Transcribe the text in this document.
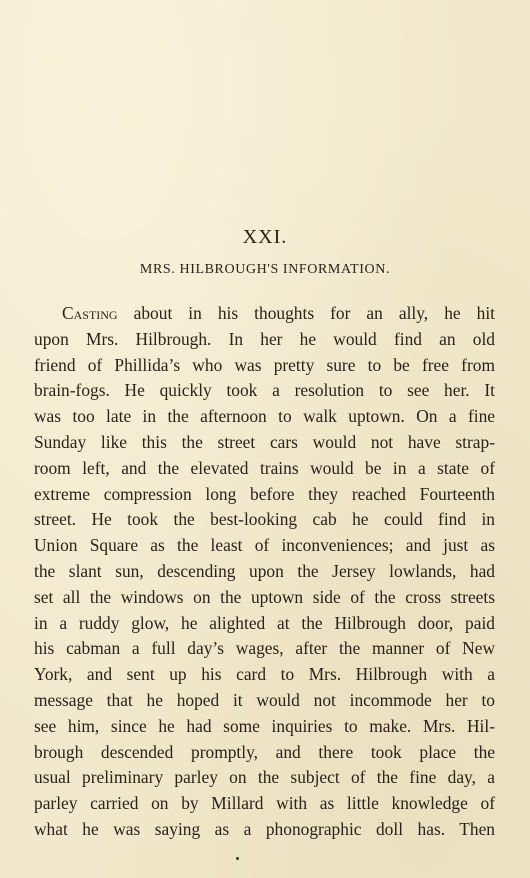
XXI.
MRS. HILBROUGH'S INFORMATION.
Casting about in his thoughts for an ally, he hit
upon Mrs. Hilbrough. In her he would find an old
friend of Phillida’s who was pretty sure to be free from
brain-fogs. He quickly took a resolution to see her. It
was too late in the afternoon to walk uptown. On a fine
Sunday like this the street cars would not have strap-
room left, and the elevated trains would be in a state of
extreme compression long before they reached Fourteenth
street. He took the best-looking cab he could find in
Union Square as the least of inconveniences; and just as
the slant sun, descending upon the Jersey lowlands, had
set all the windows on the uptown side of the cross streets
in a ruddy glow, he alighted at the Hilbrough door, paid
his cabman a full day’s wages, after the manner of New
York, and sent up his card to Mrs. Hilbrough with a
message that he hoped it would not incommode her to
see him, since he had some inquiries to make. Mrs. Hil-
brough descended promptly, and there took place the
usual preliminary parley on the subject of the fine day, a
parley carried on by Millard with as little knowledge of
what he was saying as a phonographic doll has. Then
